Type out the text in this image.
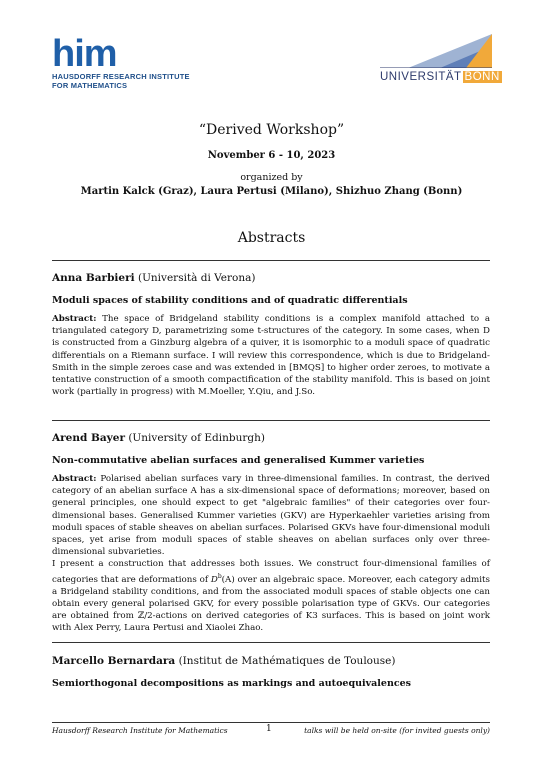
him
HAUSDORFF RESEARCH INSTITUTE
FOR MATHEMATICS
UNIVERSITÄT BONN
“Derived Workshop”
November 6 - 10, 2023
organized by
Martin Kalck (Graz), Laura Pertusi (Milano), Shizhuo Zhang (Bonn)
Abstracts
Anna Barbieri (Università di Verona)
Moduli spaces of stability conditions and of quadratic differentials

Abstract: The space of Bridgeland stability conditions is a complex manifold attached to a triangulated category D, parametrizing some t-structures of the category. In some cases, when D is constructed from a Ginzburg algebra of a quiver, it is isomorphic to a moduli space of quadratic differentials on a Riemann surface. I will review this correspondence, which is due to Bridgeland-Smith in the simple zeroes case and was extended in [BMQS] to higher order zeroes, to motivate a tentative construction of a smooth compactification of the stability manifold. This is based on joint work (partially in progress) with M.Moeller, Y.Qiu, and J.So.

Arend Bayer (University of Edinburgh)
Non-commutative abelian surfaces and generalised Kummer varieties

Abstract: Polarised abelian surfaces vary in three-dimensional families. In contrast, the derived category of an abelian surface A has a six-dimensional space of deformations; moreover, based on general principles, one should expect to get "algebraic families" of their categories over four-dimensional bases. Generalised Kummer varieties (GKV) are Hyperkaehler varieties arising from moduli spaces of stable sheaves on abelian surfaces. Polarised GKVs have four-dimensional moduli spaces, yet arise from moduli spaces of stable sheaves on abelian surfaces only over three-dimensional subvarieties.

I present a construction that addresses both issues. We construct four-dimensional families of categories that are deformations of $D^b(A)$ over an algebraic space. Moreover, each category admits a Bridgeland stability conditions, and from the associated moduli spaces of stable objects one can obtain every general polarised GKV, for every possible polarisation type of GKVs. Our categories are obtained from ℤ/2-actions on derived categories of K3 surfaces. This is based on joint work with Alex Perry, Laura Pertusi and Xiaolei Zhao.

Marcello Bernardara (Institut de Mathématiques de Toulouse)
Semiorthogonal decompositions as markings and autoequivalences
Hausdorff Research Institute for Mathematics	1	talks will be held on-site (for invited guests only)
